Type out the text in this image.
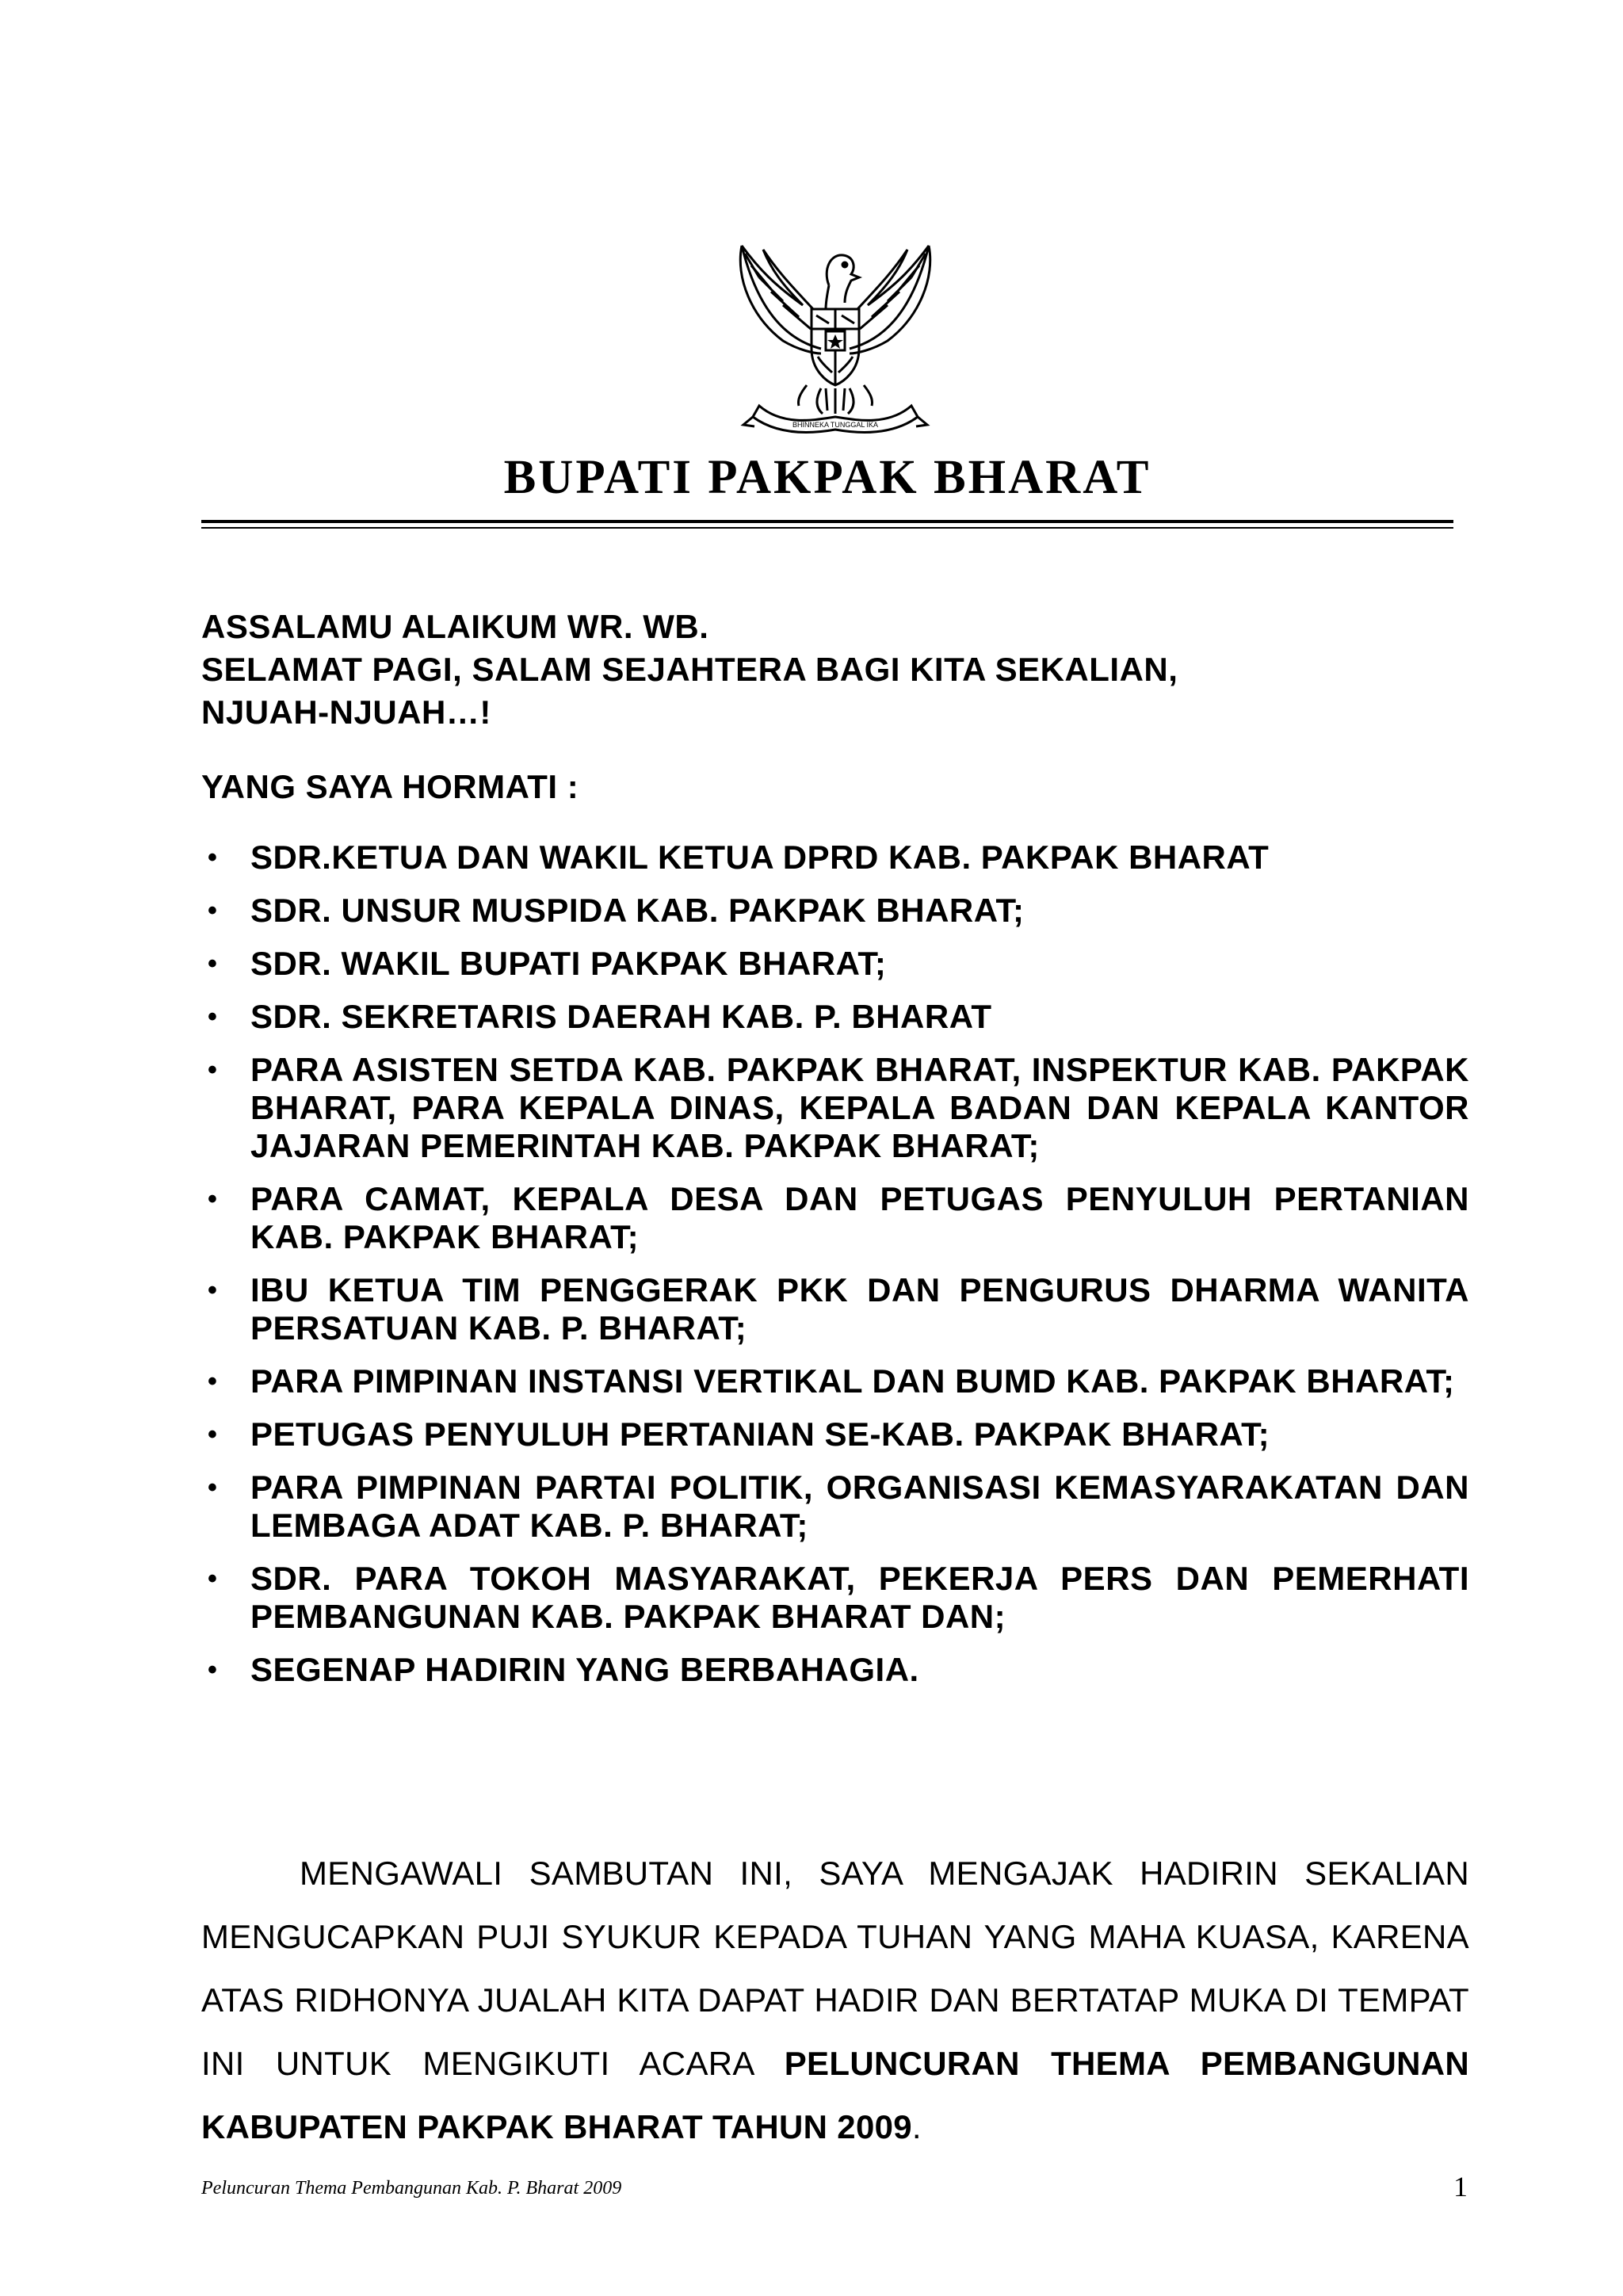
BHINNEKA TUNGGAL IKA
BUPATI PAKPAK BHARAT
ASSALAMU ALAIKUM WR. WB.
SELAMAT PAGI, SALAM SEJAHTERA BAGI KITA SEKALIAN,
NJUAH-NJUAH…!
YANG SAYA HORMATI :
• SDR.KETUA DAN WAKIL KETUA DPRD KAB. PAKPAK BHARAT
• SDR. UNSUR MUSPIDA KAB. PAKPAK BHARAT;
• SDR. WAKIL BUPATI PAKPAK BHARAT;
• SDR. SEKRETARIS DAERAH KAB. P. BHARAT
• PARA ASISTEN SETDA KAB. PAKPAK BHARAT, INSPEKTUR KAB. PAKPAK BHARAT, PARA KEPALA DINAS, KEPALA BADAN DAN KEPALA KANTOR JAJARAN PEMERINTAH KAB. PAKPAK BHARAT;
• PARA CAMAT, KEPALA DESA DAN PETUGAS PENYULUH PERTANIAN KAB. PAKPAK BHARAT;
• IBU KETUA TIM PENGGERAK PKK DAN PENGURUS DHARMA WANITA PERSATUAN KAB. P. BHARAT;
• PARA PIMPINAN INSTANSI VERTIKAL DAN BUMD KAB. PAKPAK BHARAT;
• PETUGAS PENYULUH PERTANIAN SE-KAB. PAKPAK BHARAT;
• PARA PIMPINAN PARTAI POLITIK, ORGANISASI KEMASYARAKATAN DAN LEMBAGA ADAT KAB. P. BHARAT;
• SDR. PARA TOKOH MASYARAKAT, PEKERJA PERS DAN PEMERHATI PEMBANGUNAN KAB. PAKPAK BHARAT DAN;
• SEGENAP HADIRIN YANG BERBAHAGIA.
MENGAWALI SAMBUTAN INI, SAYA MENGAJAK HADIRIN SEKALIAN MENGUCAPKAN PUJI SYUKUR KEPADA TUHAN YANG MAHA KUASA, KARENA ATAS RIDHONYA JUALAH KITA DAPAT HADIR DAN BERTATAP MUKA DI TEMPAT INI UNTUK MENGIKUTI ACARA PELUNCURAN THEMA PEMBANGUNAN KABUPATEN PAKPAK BHARAT TAHUN 2009.
Peluncuran Thema Pembangunan Kab. P. Bharat 2009	1
